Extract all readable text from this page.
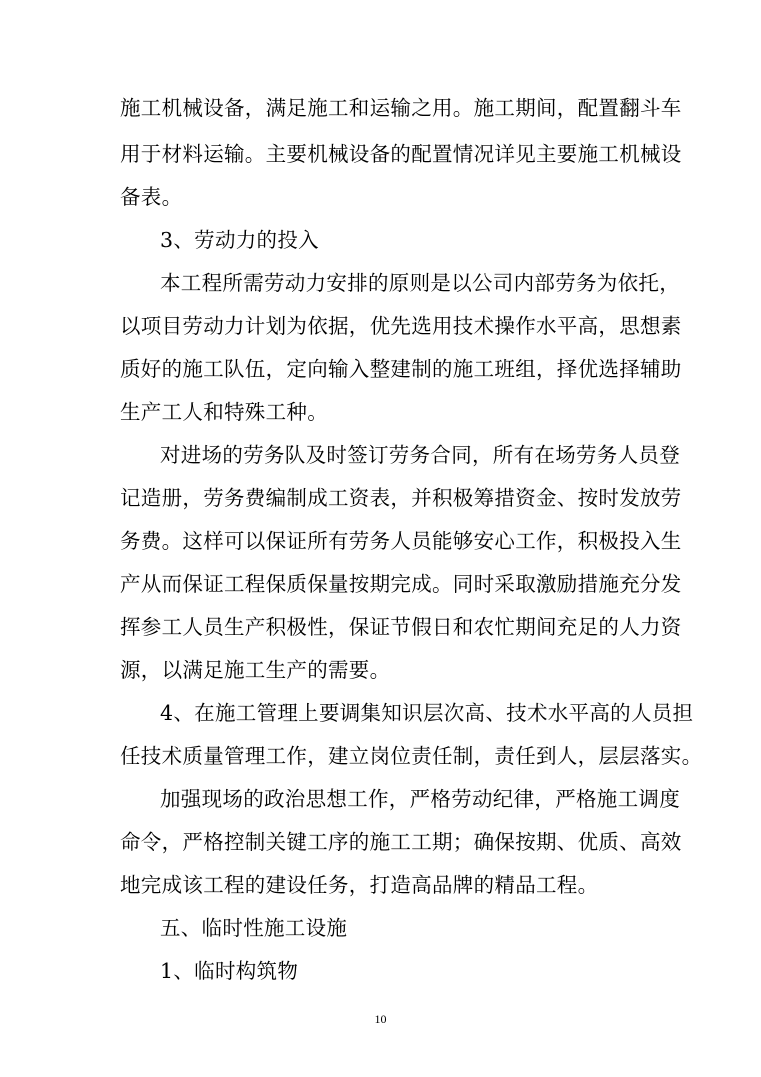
施工机械设备，满足施工和运输之用。施工期间，配置翻斗车
用于材料运输。主要机械设备的配置情况详见主要施工机械设
备表。
3、劳动力的投入
本工程所需劳动力安排的原则是以公司内部劳务为依托，
以项目劳动力计划为依据，优先选用技术操作水平高，思想素
质好的施工队伍，定向输入整建制的施工班组，择优选择辅助
生产工人和特殊工种。
对进场的劳务队及时签订劳务合同，所有在场劳务人员登
记造册，劳务费编制成工资表，并积极筹措资金、按时发放劳
务费。这样可以保证所有劳务人员能够安心工作，积极投入生
产从而保证工程保质保量按期完成。同时采取激励措施充分发
挥参工人员生产积极性，保证节假日和农忙期间充足的人力资
源，以满足施工生产的需要。
4、在施工管理上要调集知识层次高、技术水平高的人员担
任技术质量管理工作，建立岗位责任制，责任到人，层层落实。
加强现场的政治思想工作，严格劳动纪律，严格施工调度
命令，严格控制关键工序的施工工期；确保按期、优质、高效
地完成该工程的建设任务，打造高品牌的精品工程。
五、临时性施工设施
1、临时构筑物
10
